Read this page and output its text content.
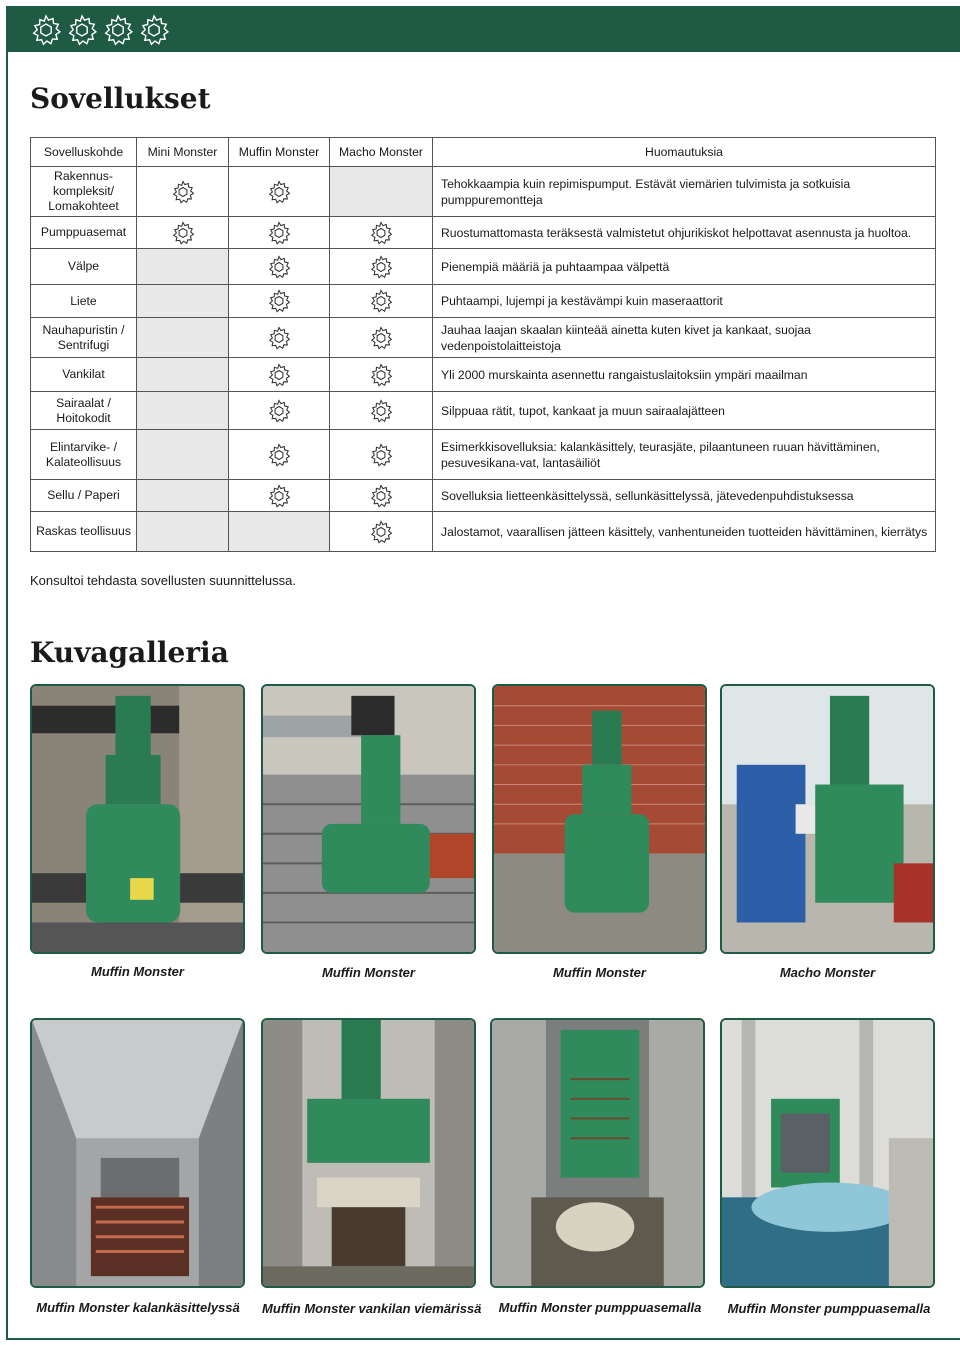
Sovellukset
Sovelluskohde	Mini Monster	Muffin Monster	Macho Monster	Huomautuksia
Rakennus-kompleksit/ Lomakohteet				Tehokkaampia kuin repimispumput. Estävät viemärien tulvimista ja sotkuisia pumppuremontteja
Pumppuasemat				Ruostumattomasta teräksestä valmistetut ohjurikiskot helpottavat asennusta ja huoltoa.
Välpe				Pienempiä määriä ja puhtaampaa välpettä
Liete				Puhtaampi, lujempi ja kestävämpi kuin maseraattorit
Nauhapuristin / Sentrifugi				Jauhaa laajan skaalan kiinteää ainetta kuten kivet ja kankaat, suojaa vedenpoistolaitteistoja
Vankilat				Yli 2000 murskainta asennettu rangaistuslaitoksiin ympäri maailman
Sairaalat / Hoitokodit				Silppuaa rätit, tupot, kankaat ja muun sairaalajätteen
Elintarvike- / Kalateollisuus				Esimerkkisovelluksia: kalankäsittely, teurasjäte, pilaantuneen ruuan hävittäminen, pesuvesikana-vat, lantasäiliöt
Sellu / Paperi				Sovelluksia lietteenkäsittelyssä, sellunkäsittelyssä, jätevedenpuhdistuksessa
Raskas teollisuus				Jalostamot, vaarallisen jätteen käsittely, vanhentuneiden tuotteiden hävittäminen, kierrätys
Konsultoi tehdasta sovellusten suunnittelussa.
Kuvagalleria
Muffin Monster	Muffin Monster	Muffin Monster	Macho Monster
Muffin Monster kalankäsittelyssä	Muffin Monster vankilan viemärissä	Muffin Monster pumppuasemalla	Muffin Monster pumppuasemalla
